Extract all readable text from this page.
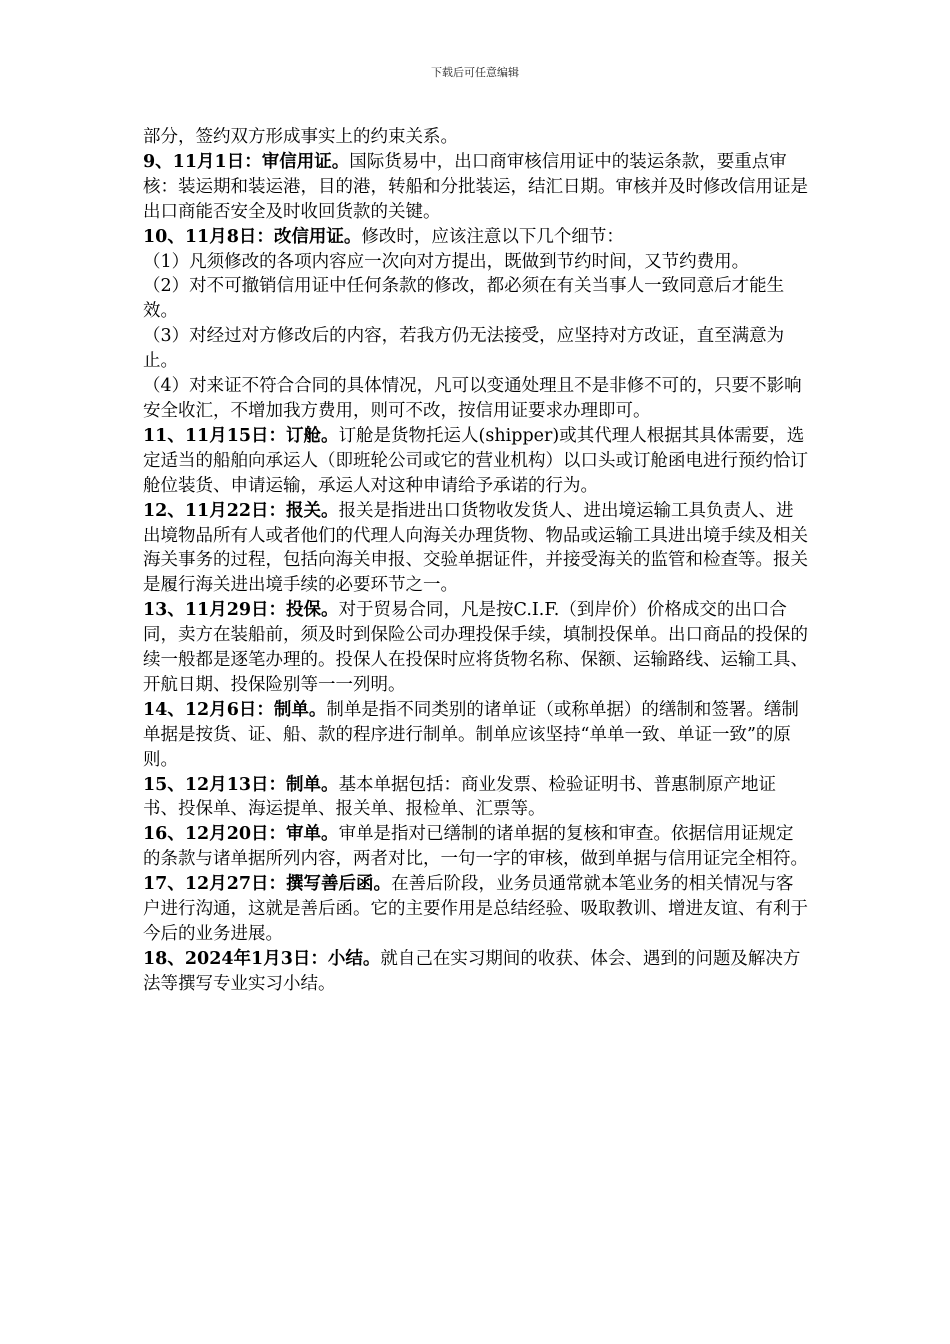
下载后可任意编辑

部分，签约双方形成事实上的约束关系。

9、11月1日：审信用证。国际货易中，出口商审核信用证中的装运条款，要重点审核：装运期和装运港，目的港，转船和分批装运，结汇日期。审核并及时修改信用证是出口商能否安全及时收回货款的关键。

10、11月8日：改信用证。修改时，应该注意以下几个细节：

（1）凡须修改的各项内容应一次向对方提出，既做到节约时间，又节约费用。

（2）对不可撤销信用证中任何条款的修改，都必须在有关当事人一致同意后才能生效。

（3）对经过对方修改后的内容，若我方仍无法接受，应坚持对方改证，直至满意为止。

（4）对来证不符合合同的具体情况，凡可以变通处理且不是非修不可的，只要不影响安全收汇，不增加我方费用，则可不改，按信用证要求办理即可。

11、11月15日：订舱。订舱是货物托运人(shipper)或其代理人根据其具体需要，选定适当的船舶向承运人（即班轮公司或它的营业机构）以口头或订舱函电进行预约恰订舱位装货、申请运输，承运人对这种申请给予承诺的行为。

12、11月22日：报关。报关是指进出口货物收发货人、进出境运输工具负责人、进出境物品所有人或者他们的代理人向海关办理货物、物品或运输工具进出境手续及相关海关事务的过程，包括向海关申报、交验单据证件，并接受海关的监管和检查等。报关是履行海关进出境手续的必要环节之一。

13、11月29日：投保。对于贸易合同，凡是按C.I.F.（到岸价）价格成交的出口合同，卖方在装船前，须及时到保险公司办理投保手续，填制投保单。出口商品的投保的续一般都是逐笔办理的。投保人在投保时应将货物名称、保额、运输路线、运输工具、开航日期、投保险别等一一列明。

14、12月6日：制单。制单是指不同类别的诸单证（或称单据）的缮制和签署。缮制单据是按货、证、船、款的程序进行制单。制单应该坚持“单单一致、单证一致”的原则。

15、12月13日：制单。基本单据包括：商业发票、检验证明书、普惠制原产地证书、投保单、海运提单、报关单、报检单、汇票等。

16、12月20日：审单。审单是指对已缮制的诸单据的复核和审查。依据信用证规定的条款与诸单据所列内容，两者对比，一句一字的审核，做到单据与信用证完全相符。

17、12月27日：撰写善后函。在善后阶段，业务员通常就本笔业务的相关情况与客户进行沟通，这就是善后函。它的主要作用是总结经验、吸取教训、增进友谊、有利于今后的业务进展。

18、2024年1月3日：小结。就自己在实习期间的收获、体会、遇到的问题及解决方法等撰写专业实习小结。
